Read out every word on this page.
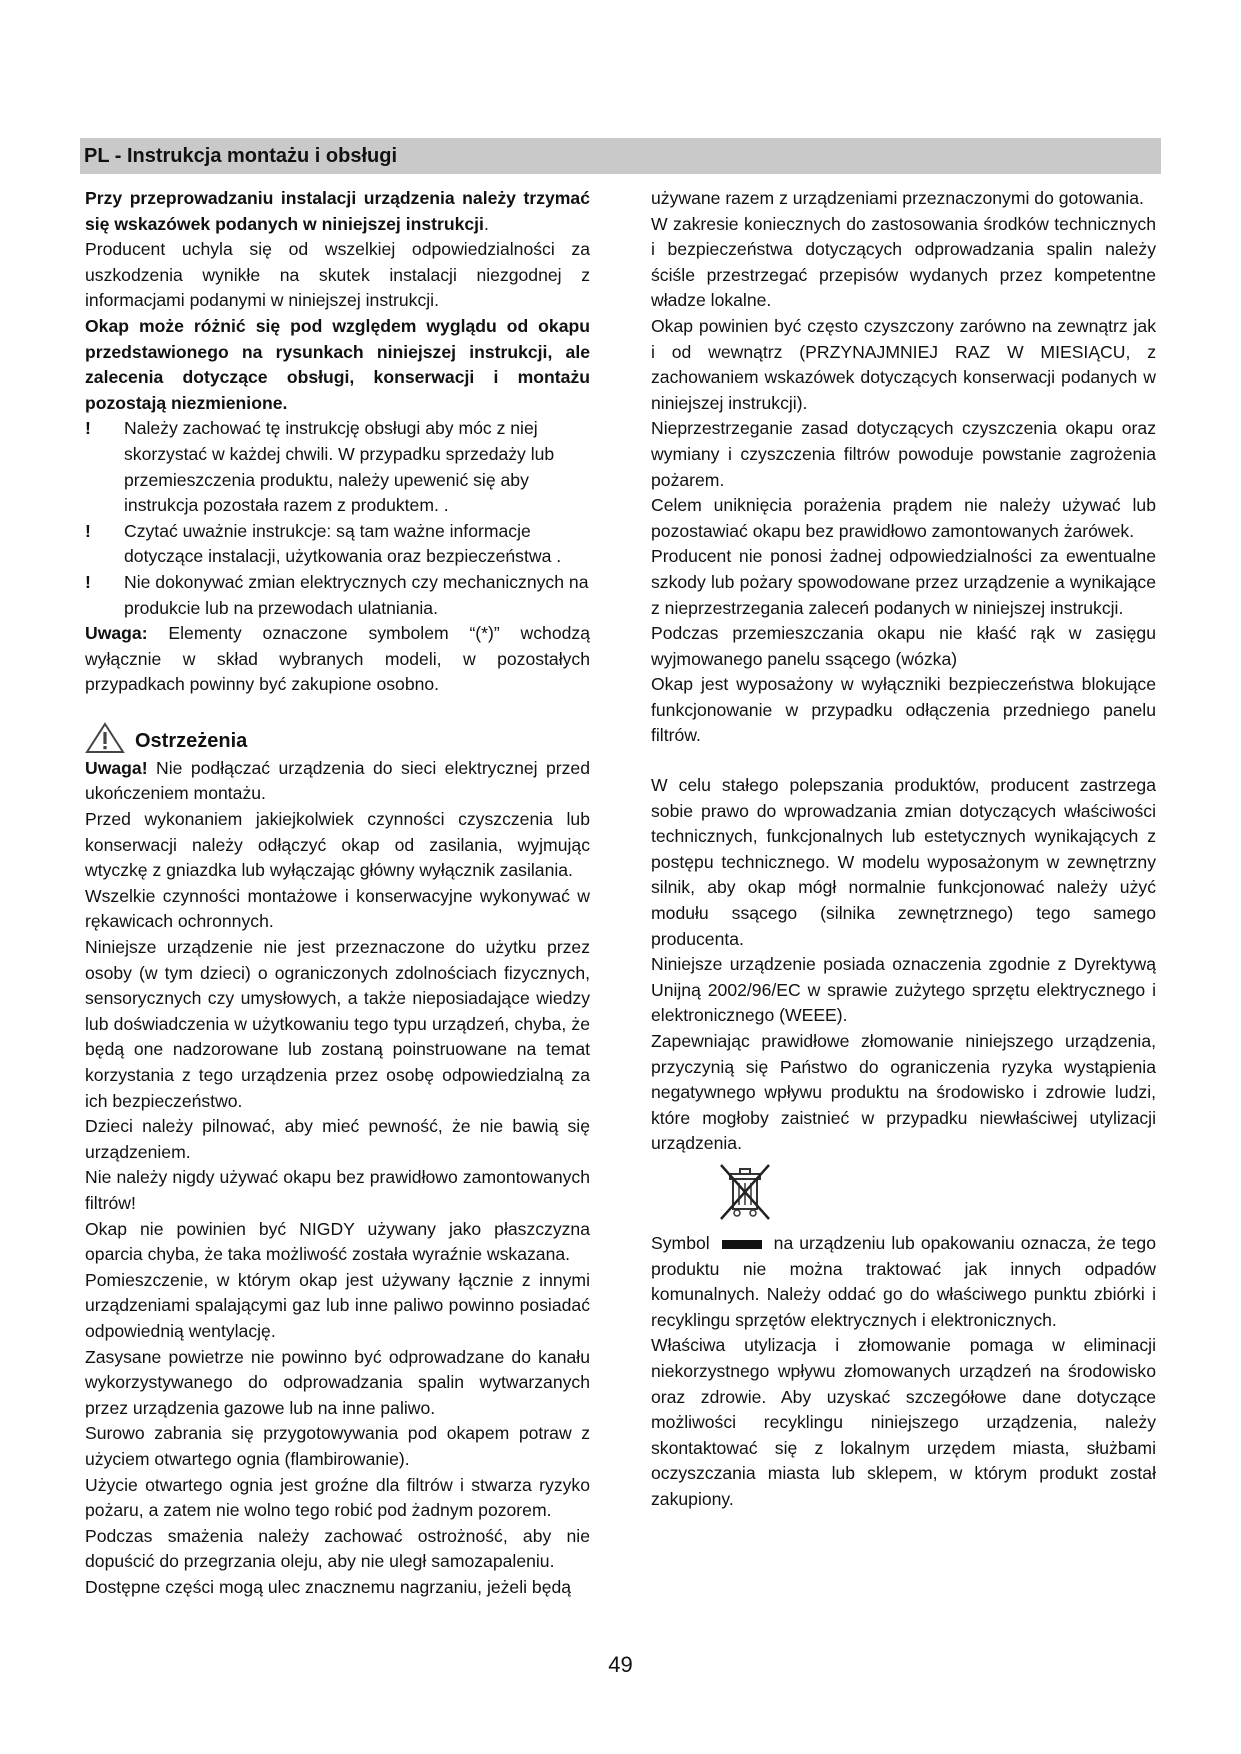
PL - Instrukcja montażu i obsługi

Przy przeprowadzaniu instalacji urządzenia należy trzymać się wskazówek podanych w niniejszej instrukcji.

Producent uchyla się od wszelkiej odpowiedzialności za uszkodzenia wynikłe na skutek instalacji niezgodnej z informacjami podanymi w niniejszej instrukcji.

Okap może różnić się pod względem wyglądu od okapu przedstawionego na rysunkach niniejszej instrukcji, ale zalecenia dotyczące obsługi, konserwacji i montażu pozostają niezmienione.

!	Należy zachować tę instrukcję obsługi aby móc z niej skorzystać w każdej chwili. W przypadku sprzedaży lub przemieszczenia produktu, należy upewenić się aby instrukcja pozostała razem z produktem. .
!	Czytać uważnie instrukcje: są tam ważne informacje dotyczące instalacji, użytkowania oraz bezpieczeństwa .
!	Nie dokonywać zmian elektrycznych czy mechanicznych na produkcie lub na przewodach ulatniania.

Uwaga: Elementy oznaczone symbolem “(*)” wchodzą wyłącznie w skład wybranych modeli, w pozostałych przypadkach powinny być zakupione osobno.

Ostrzeżenia

Uwaga! Nie podłączać urządzenia do sieci elektrycznej przed ukończeniem montażu.

Przed wykonaniem jakiejkolwiek czynności czyszczenia lub konserwacji należy odłączyć okap od zasilania, wyjmując wtyczkę z gniazdka lub wyłączając główny wyłącznik zasilania.

Wszelkie czynności montażowe i konserwacyjne wykonywać w rękawicach ochronnych.

Niniejsze urządzenie nie jest przeznaczone do użytku przez osoby (w tym dzieci) o ograniczonych zdolnościach fizycznych, sensorycznych czy umysłowych, a także nieposiadające wiedzy lub doświadczenia w użytkowaniu tego typu urządzeń, chyba, że będą one nadzorowane lub zostaną poinstruowane na temat korzystania z tego urządzenia przez osobę odpowiedzialną za ich bezpieczeństwo.

Dzieci należy pilnować, aby mieć pewność, że nie bawią się urządzeniem.

Nie należy nigdy używać okapu bez prawidłowo zamontowanych filtrów!

Okap nie powinien być NIGDY używany jako płaszczyzna oparcia chyba, że taka możliwość została wyraźnie wskazana.

Pomieszczenie, w którym okap jest używany łącznie z innymi urządzeniami spalającymi gaz lub inne paliwo powinno posiadać odpowiednią wentylację.

Zasysane powietrze nie powinno być odprowadzane do kanału wykorzystywanego do odprowadzania spalin wytwarzanych przez urządzenia gazowe lub na inne paliwo.

Surowo zabrania się przygotowywania pod okapem potraw z użyciem otwartego ognia (flambirowanie).

Użycie otwartego ognia jest groźne dla filtrów i stwarza ryzyko pożaru, a zatem nie wolno tego robić pod żadnym pozorem.

Podczas smażenia należy zachować ostrożność, aby nie dopuścić do przegrzania oleju, aby nie uległ samozapaleniu.

Dostępne części mogą ulec znacznemu nagrzaniu, jeżeli będą

używane razem z urządzeniami przeznaczonymi do gotowania.

W zakresie koniecznych do zastosowania środków technicznych i bezpieczeństwa dotyczących odprowadzania spalin należy ściśle przestrzegać przepisów wydanych przez kompetentne władze lokalne.

Okap powinien być często czyszczony zarówno na zewnątrz jak i od wewnątrz (PRZYNAJMNIEJ RAZ W MIESIĄCU, z zachowaniem wskazówek dotyczących konserwacji podanych w niniejszej instrukcji).

Nieprzestrzeganie zasad dotyczących czyszczenia okapu oraz wymiany i czyszczenia filtrów powoduje powstanie zagrożenia pożarem.

Celem uniknięcia porażenia prądem nie należy używać lub pozostawiać okapu bez prawidłowo zamontowanych żarówek.

Producent nie ponosi żadnej odpowiedzialności za ewentualne szkody lub pożary spowodowane przez urządzenie a wynikające z nieprzestrzegania zaleceń podanych w niniejszej instrukcji.

Podczas przemieszczania okapu nie kłaść rąk w zasięgu wyjmowanego panelu ssącego (wózka)

Okap jest wyposażony w wyłączniki bezpieczeństwa blokujące funkcjonowanie w przypadku odłączenia przedniego panelu filtrów.

W celu stałego polepszania produktów, producent zastrzega sobie prawo do wprowadzania zmian dotyczących właściwości technicznych, funkcjonalnych lub estetycznych wynikających z postępu technicznego. W modelu wyposażonym w zewnętrzny silnik, aby okap mógł normalnie funkcjonować należy użyć modułu ssącego (silnika zewnętrznego) tego samego producenta.

Niniejsze urządzenie posiada oznaczenia zgodnie z Dyrektywą Unijną 2002/96/EC w sprawie zużytego sprzętu elektrycznego i elektronicznego (WEEE).

Zapewniając prawidłowe złomowanie niniejszego urządzenia, przyczynią się Państwo do ograniczenia ryzyka wystąpienia negatywnego wpływu produktu na środowisko i zdrowie ludzi, które mogłoby zaistnieć w przypadku niewłaściwej utylizacji urządzenia.

Symbol	na urządzeniu lub opakowaniu oznacza, że tego produktu nie można traktować jak innych odpadów komunalnych. Należy oddać go do właściwego punktu zbiórki i recyklingu sprzętów elektrycznych i elektronicznych.

Właściwa utylizacja i złomowanie pomaga w eliminacji niekorzystnego wpływu złomowanych urządzeń na środowisko oraz zdrowie. Aby uzyskać szczegółowe dane dotyczące możliwości recyklingu niniejszego urządzenia, należy skontaktować się z lokalnym urzędem miasta, służbami oczyszczania miasta lub sklepem, w którym produkt został zakupiony.

49
